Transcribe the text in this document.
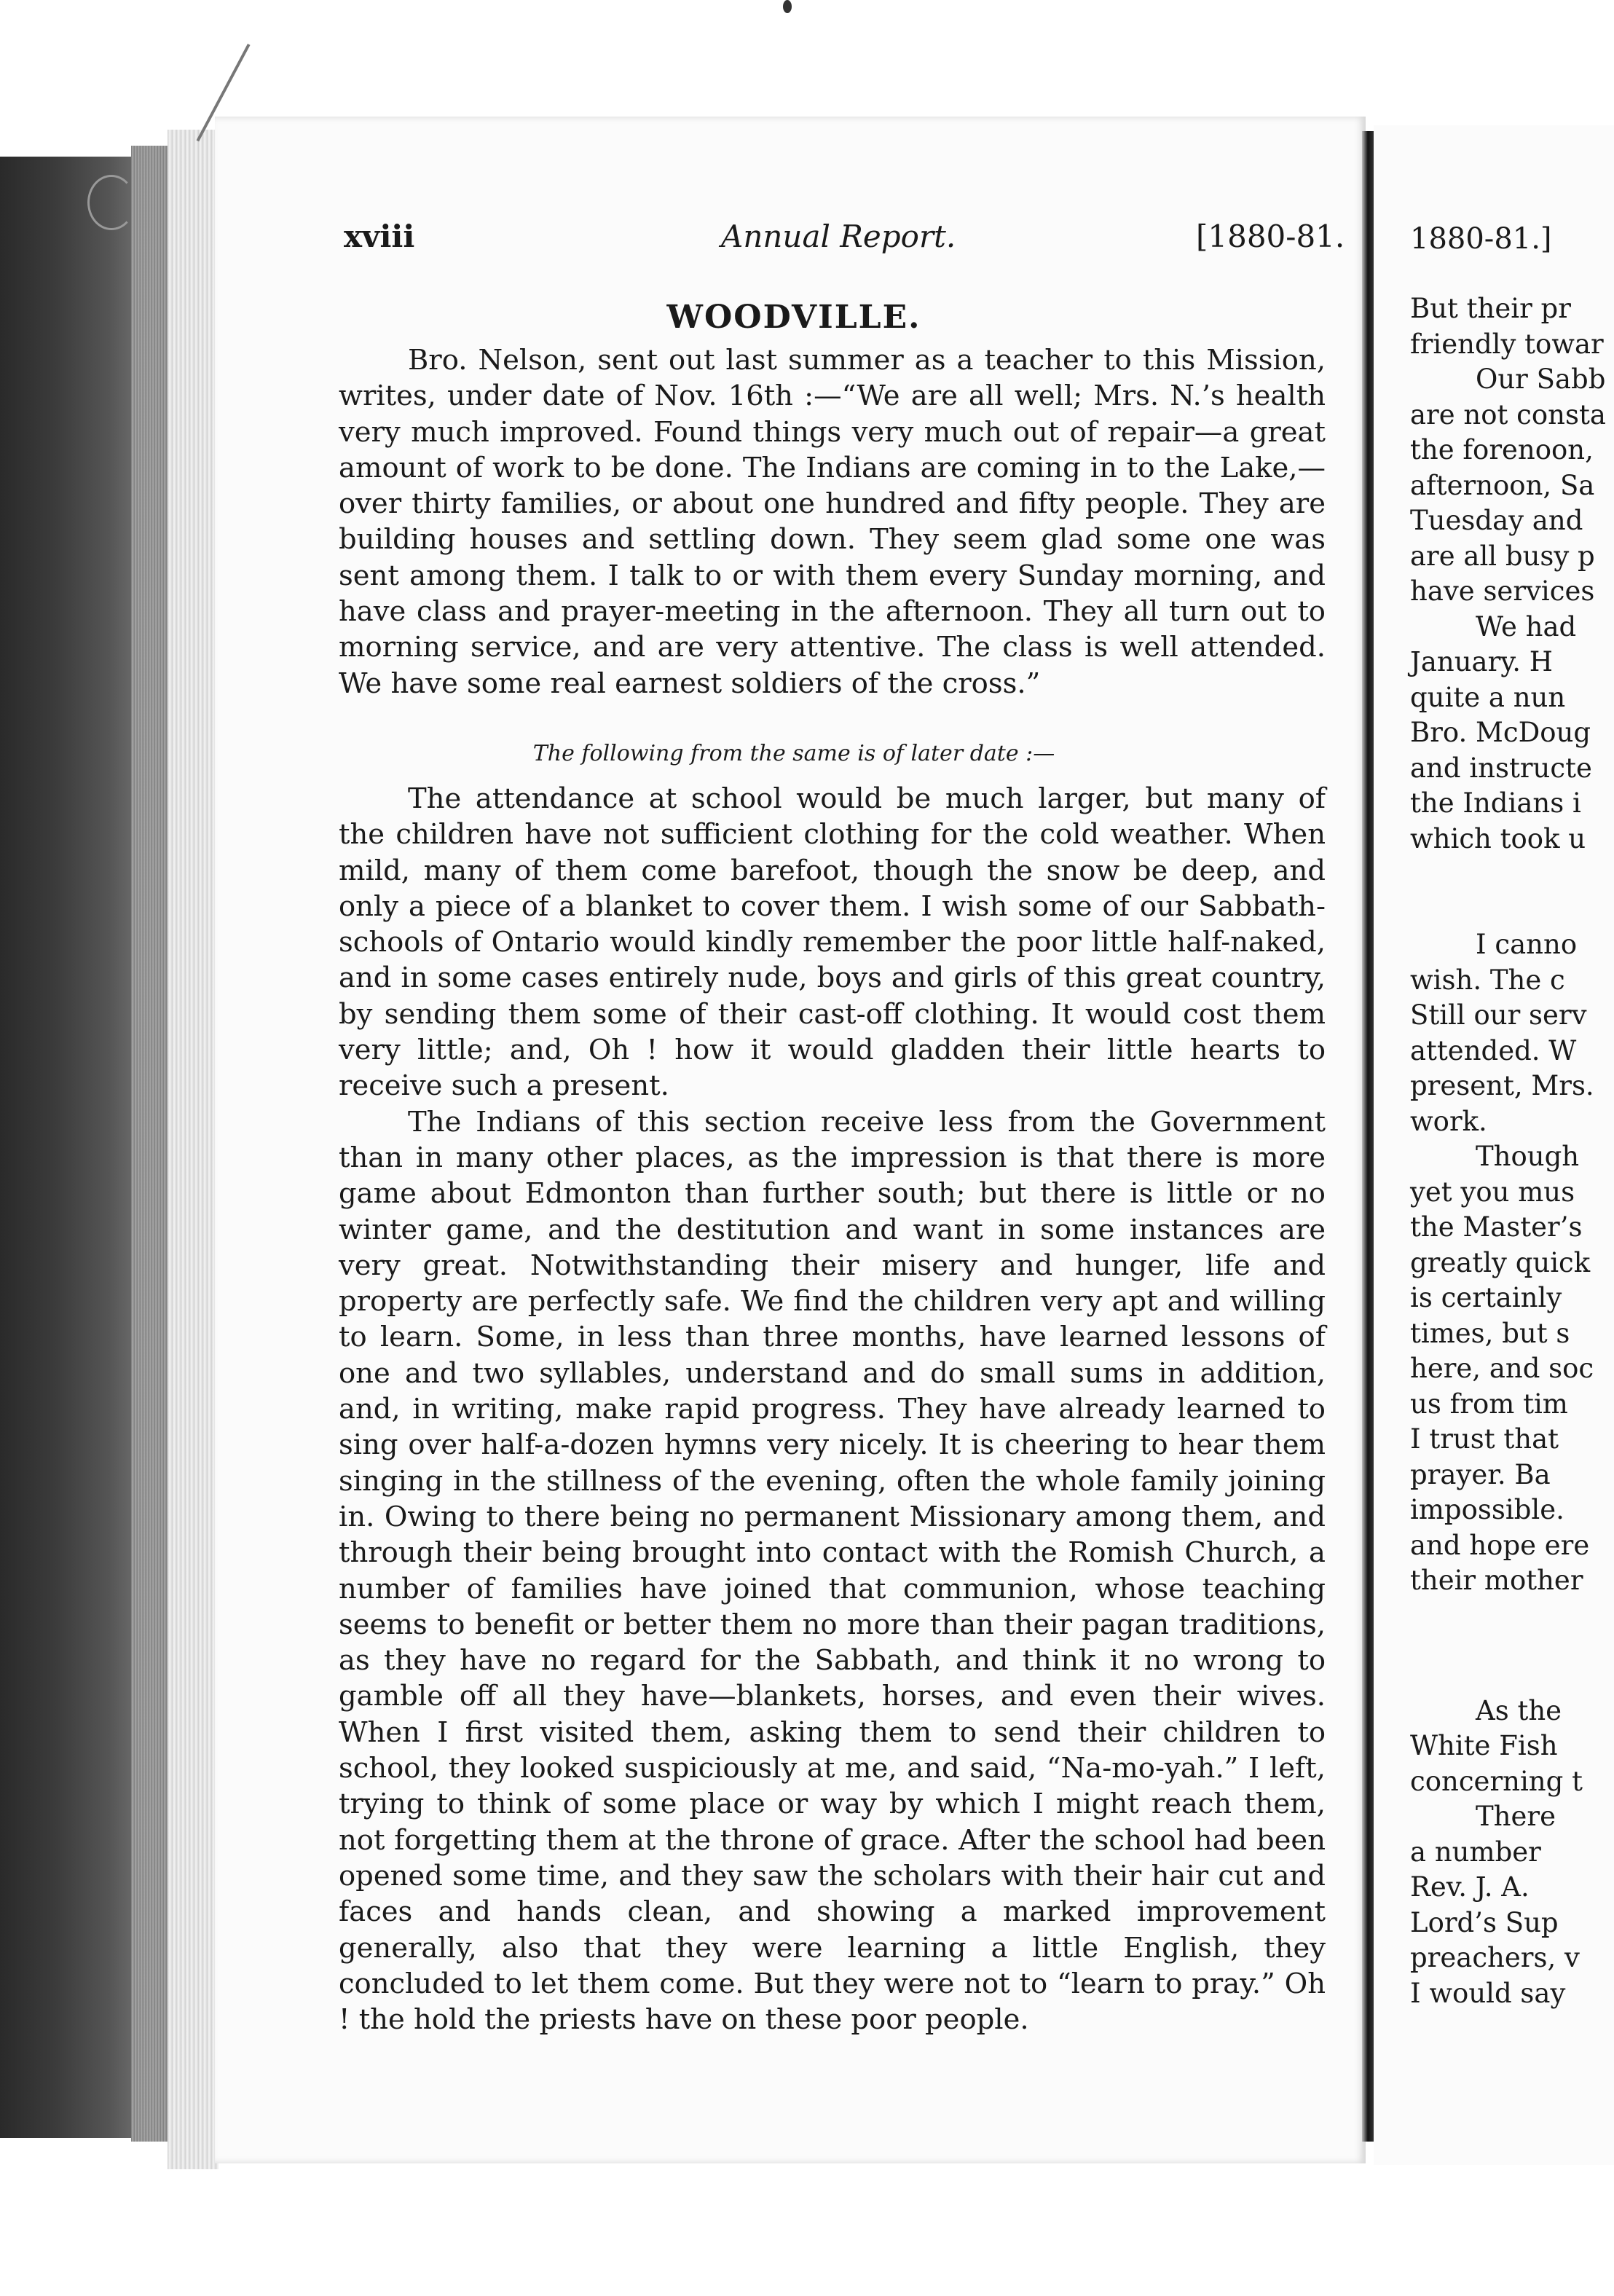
xviii	Annual Report.	[1880-81.
WOODVILLE.

Bro. Nelson, sent out last summer as a teacher to this Mission, writes, under date of Nov. 16th :—“We are all well; Mrs. N.’s health very much improved. Found things very much out of repair—a great amount of work to be done. The Indians are coming in to the Lake,—over thirty families, or about one hundred and fifty people. They are building houses and settling down. They seem glad some one was sent among them. I talk to or with them every Sunday morning, and have class and prayer-meeting in the afternoon. They all turn out to morning service, and are very attentive. The class is well attended. We have some real earnest soldiers of the cross.”

The following from the same is of later date :—

The attendance at school would be much larger, but many of the children have not sufficient clothing for the cold weather. When mild, many of them come barefoot, though the snow be deep, and only a piece of a blanket to cover them. I wish some of our Sabbath-schools of Ontario would kindly remember the poor little half-naked, and in some cases entirely nude, boys and girls of this great country, by sending them some of their cast-off clothing. It would cost them very little; and, Oh ! how it would gladden their little hearts to receive such a present.

The Indians of this section receive less from the Government than in many other places, as the impression is that there is more game about Edmonton than further south; but there is little or no winter game, and the destitution and want in some instances are very great. Notwithstanding their misery and hunger, life and property are perfectly safe. We find the children very apt and willing to learn. Some, in less than three months, have learned lessons of one and two syllables, understand and do small sums in addition, and, in writing, make rapid progress. They have already learned to sing over half-a-dozen hymns very nicely. It is cheering to hear them singing in the stillness of the evening, often the whole family joining in. Owing to there being no permanent Missionary among them, and through their being brought into contact with the Romish Church, a number of families have joined that communion, whose teaching seems to benefit or better them no more than their pagan traditions, as they have no regard for the Sabbath, and think it no wrong to gamble off all they have—blankets, horses, and even their wives. When I first visited them, asking them to send their children to school, they looked suspiciously at me, and said, “Na-mo-yah.” I left, trying to think of some place or way by which I might reach them, not forgetting them at the throne of grace. After the school had been opened some time, and they saw the scholars with their hair cut and faces and hands clean, and showing a marked improvement generally, also that they were learning a little English, they concluded to let them come. But they were not to “learn to pray.” Oh ! the hold the priests have on these poor people.

1880-81.]
But their pr
friendly towar
Our Sabb
are not consta
the forenoon,
afternoon, Sa
Tuesday and
are all busy p
have services
We had
January. H
quite a nun
Bro. McDoug
and instructe
the Indians i
which took u
I canno
wish. The c
Still our serv
attended. W
present, Mrs.
work.
Though
yet you mus
the Master’s
greatly quick
is certainly
times, but s
here, and soc
us from tim
I trust that
prayer. Ba
impossible.
and hope ere
their mother
As the
White Fish
concerning t
There
a number
Rev. J. A.
Lord’s Sup
preachers, v
I would say
